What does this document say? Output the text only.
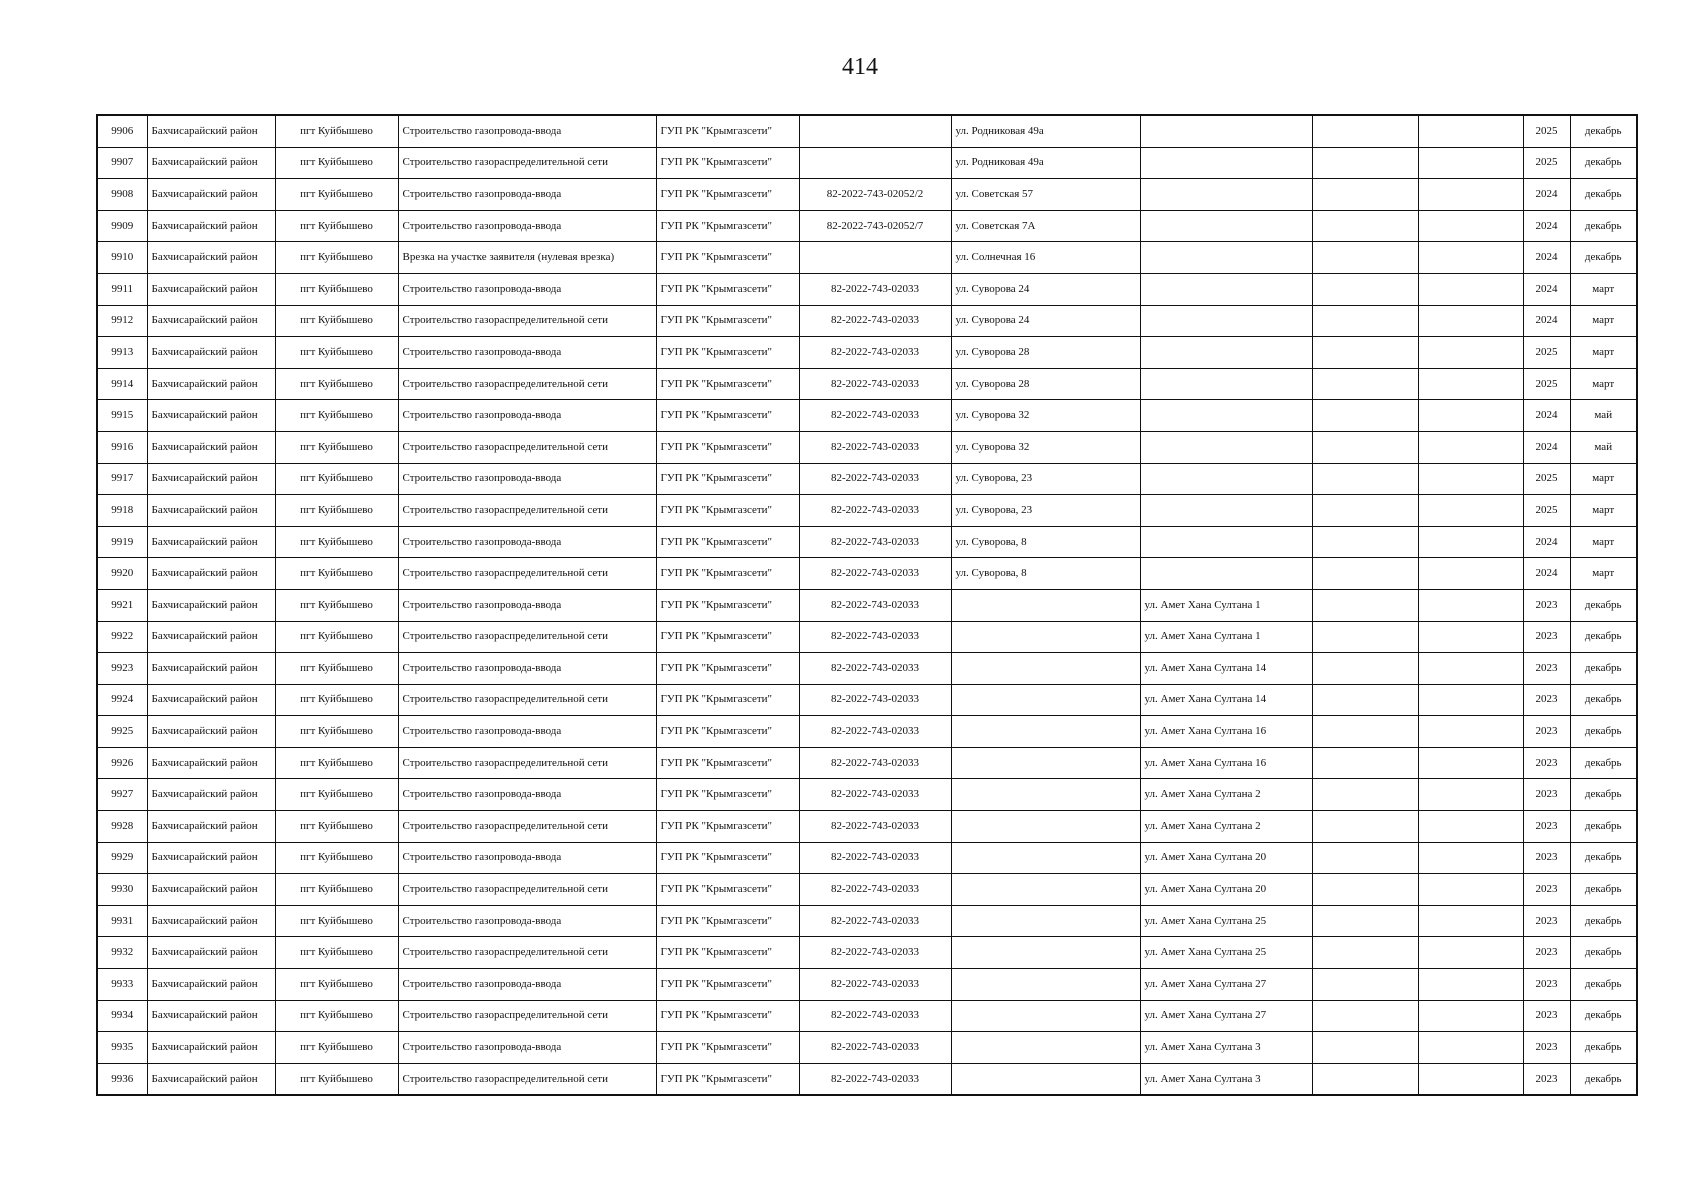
414
9906	Бахчисарайский район	пгт Куйбышево	Строительство газопровода-ввода	ГУП РК "Крымгазсети"		ул. Родниковая 49а				2025	декабрь
9907	Бахчисарайский район	пгт Куйбышево	Строительство газораспределительной сети	ГУП РК "Крымгазсети"		ул. Родниковая 49а				2025	декабрь
9908	Бахчисарайский район	пгт Куйбышево	Строительство газопровода-ввода	ГУП РК "Крымгазсети"	82-2022-743-02052/2	ул. Советская 57				2024	декабрь
9909	Бахчисарайский район	пгт Куйбышево	Строительство газопровода-ввода	ГУП РК "Крымгазсети"	82-2022-743-02052/7	ул. Советская 7А				2024	декабрь
9910	Бахчисарайский район	пгт Куйбышево	Врезка на участке заявителя (нулевая врезка)	ГУП РК "Крымгазсети"		ул. Солнечная 16				2024	декабрь
9911	Бахчисарайский район	пгт Куйбышево	Строительство газопровода-ввода	ГУП РК "Крымгазсети"	82-2022-743-02033	ул. Суворова 24				2024	март
9912	Бахчисарайский район	пгт Куйбышево	Строительство газораспределительной сети	ГУП РК "Крымгазсети"	82-2022-743-02033	ул. Суворова 24				2024	март
9913	Бахчисарайский район	пгт Куйбышево	Строительство газопровода-ввода	ГУП РК "Крымгазсети"	82-2022-743-02033	ул. Суворова 28				2025	март
9914	Бахчисарайский район	пгт Куйбышево	Строительство газораспределительной сети	ГУП РК "Крымгазсети"	82-2022-743-02033	ул. Суворова 28				2025	март
9915	Бахчисарайский район	пгт Куйбышево	Строительство газопровода-ввода	ГУП РК "Крымгазсети"	82-2022-743-02033	ул. Суворова 32				2024	май
9916	Бахчисарайский район	пгт Куйбышево	Строительство газораспределительной сети	ГУП РК "Крымгазсети"	82-2022-743-02033	ул. Суворова 32				2024	май
9917	Бахчисарайский район	пгт Куйбышево	Строительство газопровода-ввода	ГУП РК "Крымгазсети"	82-2022-743-02033	ул. Суворова, 23				2025	март
9918	Бахчисарайский район	пгт Куйбышево	Строительство газораспределительной сети	ГУП РК "Крымгазсети"	82-2022-743-02033	ул. Суворова, 23				2025	март
9919	Бахчисарайский район	пгт Куйбышево	Строительство газопровода-ввода	ГУП РК "Крымгазсети"	82-2022-743-02033	ул. Суворова, 8				2024	март
9920	Бахчисарайский район	пгт Куйбышево	Строительство газораспределительной сети	ГУП РК "Крымгазсети"	82-2022-743-02033	ул. Суворова, 8				2024	март
9921	Бахчисарайский район	пгт Куйбышево	Строительство газопровода-ввода	ГУП РК "Крымгазсети"	82-2022-743-02033		ул. Амет Хана Султана 1			2023	декабрь
9922	Бахчисарайский район	пгт Куйбышево	Строительство газораспределительной сети	ГУП РК "Крымгазсети"	82-2022-743-02033		ул. Амет Хана Султана 1			2023	декабрь
9923	Бахчисарайский район	пгт Куйбышево	Строительство газопровода-ввода	ГУП РК "Крымгазсети"	82-2022-743-02033		ул. Амет Хана Султана 14			2023	декабрь
9924	Бахчисарайский район	пгт Куйбышево	Строительство газораспределительной сети	ГУП РК "Крымгазсети"	82-2022-743-02033		ул. Амет Хана Султана 14			2023	декабрь
9925	Бахчисарайский район	пгт Куйбышево	Строительство газопровода-ввода	ГУП РК "Крымгазсети"	82-2022-743-02033		ул. Амет Хана Султана 16			2023	декабрь
9926	Бахчисарайский район	пгт Куйбышево	Строительство газораспределительной сети	ГУП РК "Крымгазсети"	82-2022-743-02033		ул. Амет Хана Султана 16			2023	декабрь
9927	Бахчисарайский район	пгт Куйбышево	Строительство газопровода-ввода	ГУП РК "Крымгазсети"	82-2022-743-02033		ул. Амет Хана Султана 2			2023	декабрь
9928	Бахчисарайский район	пгт Куйбышево	Строительство газораспределительной сети	ГУП РК "Крымгазсети"	82-2022-743-02033		ул. Амет Хана Султана 2			2023	декабрь
9929	Бахчисарайский район	пгт Куйбышево	Строительство газопровода-ввода	ГУП РК "Крымгазсети"	82-2022-743-02033		ул. Амет Хана Султана 20			2023	декабрь
9930	Бахчисарайский район	пгт Куйбышево	Строительство газораспределительной сети	ГУП РК "Крымгазсети"	82-2022-743-02033		ул. Амет Хана Султана 20			2023	декабрь
9931	Бахчисарайский район	пгт Куйбышево	Строительство газопровода-ввода	ГУП РК "Крымгазсети"	82-2022-743-02033		ул. Амет Хана Султана 25			2023	декабрь
9932	Бахчисарайский район	пгт Куйбышево	Строительство газораспределительной сети	ГУП РК "Крымгазсети"	82-2022-743-02033		ул. Амет Хана Султана 25			2023	декабрь
9933	Бахчисарайский район	пгт Куйбышево	Строительство газопровода-ввода	ГУП РК "Крымгазсети"	82-2022-743-02033		ул. Амет Хана Султана 27			2023	декабрь
9934	Бахчисарайский район	пгт Куйбышево	Строительство газораспределительной сети	ГУП РК "Крымгазсети"	82-2022-743-02033		ул. Амет Хана Султана 27			2023	декабрь
9935	Бахчисарайский район	пгт Куйбышево	Строительство газопровода-ввода	ГУП РК "Крымгазсети"	82-2022-743-02033		ул. Амет Хана Султана 3			2023	декабрь
9936	Бахчисарайский район	пгт Куйбышево	Строительство газораспределительной сети	ГУП РК "Крымгазсети"	82-2022-743-02033		ул. Амет Хана Султана 3			2023	декабрь
